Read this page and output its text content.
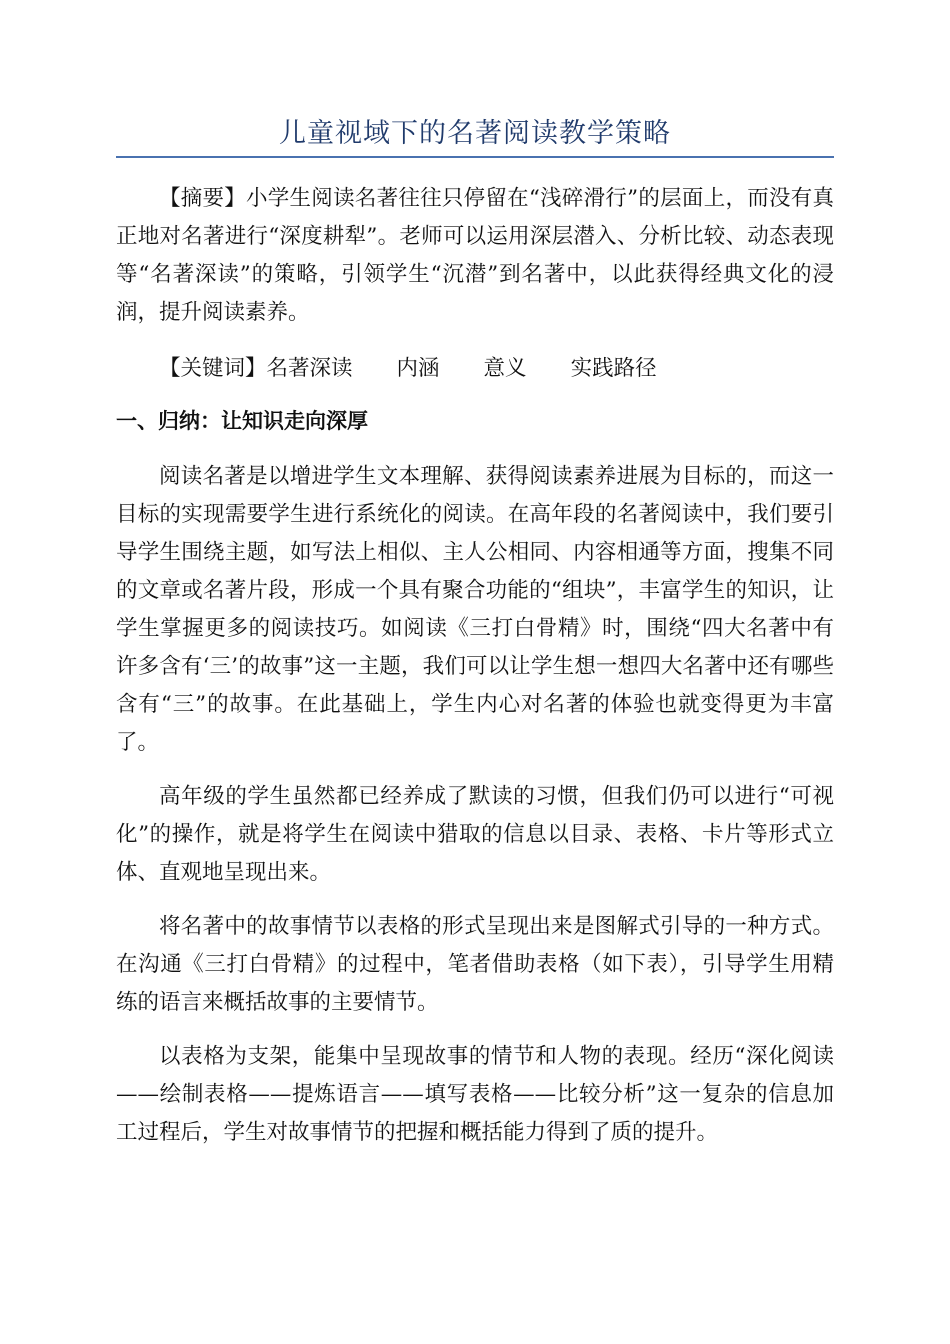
儿童视域下的名著阅读教学策略

【摘要】小学生阅读名著往往只停留在“浅碎滑行”的层面上，而没有真正地对名著进行“深度耕犁”。老师可以运用深层潜入、分析比较、动态表现等“名著深读”的策略，引领学生“沉潜”到名著中，以此获得经典文化的浸润，提升阅读素养。

【关键词】名著深读 内涵 意义 实践路径

一、归纳：让知识走向深厚

阅读名著是以增进学生文本理解、获得阅读素养进展为目标的，而这一目标的实现需要学生进行系统化的阅读。在高年段的名著阅读中，我们要引导学生围绕主题，如写法上相似、主人公相同、内容相通等方面，搜集不同的文章或名著片段，形成一个具有聚合功能的“组块”，丰富学生的知识，让学生掌握更多的阅读技巧。如阅读《三打白骨精》时，围绕“四大名著中有许多含有‘三’的故事”这一主题，我们可以让学生想一想四大名著中还有哪些含有“三”的故事。在此基础上，学生内心对名著的体验也就变得更为丰富了。

高年级的学生虽然都已经养成了默读的习惯，但我们仍可以进行“可视化”的操作，就是将学生在阅读中猎取的信息以目录、表格、卡片等形式立体、直观地呈现出来。

将名著中的故事情节以表格的形式呈现出来是图解式引导的一种方式。在沟通《三打白骨精》的过程中，笔者借助表格（如下表），引导学生用精练的语言来概括故事的主要情节。

以表格为支架，能集中呈现故事的情节和人物的表现。经历“深化阅读——绘制表格——提炼语言——填写表格——比较分析”这一复杂的信息加工过程后，学生对故事情节的把握和概括能力得到了质的提升。
